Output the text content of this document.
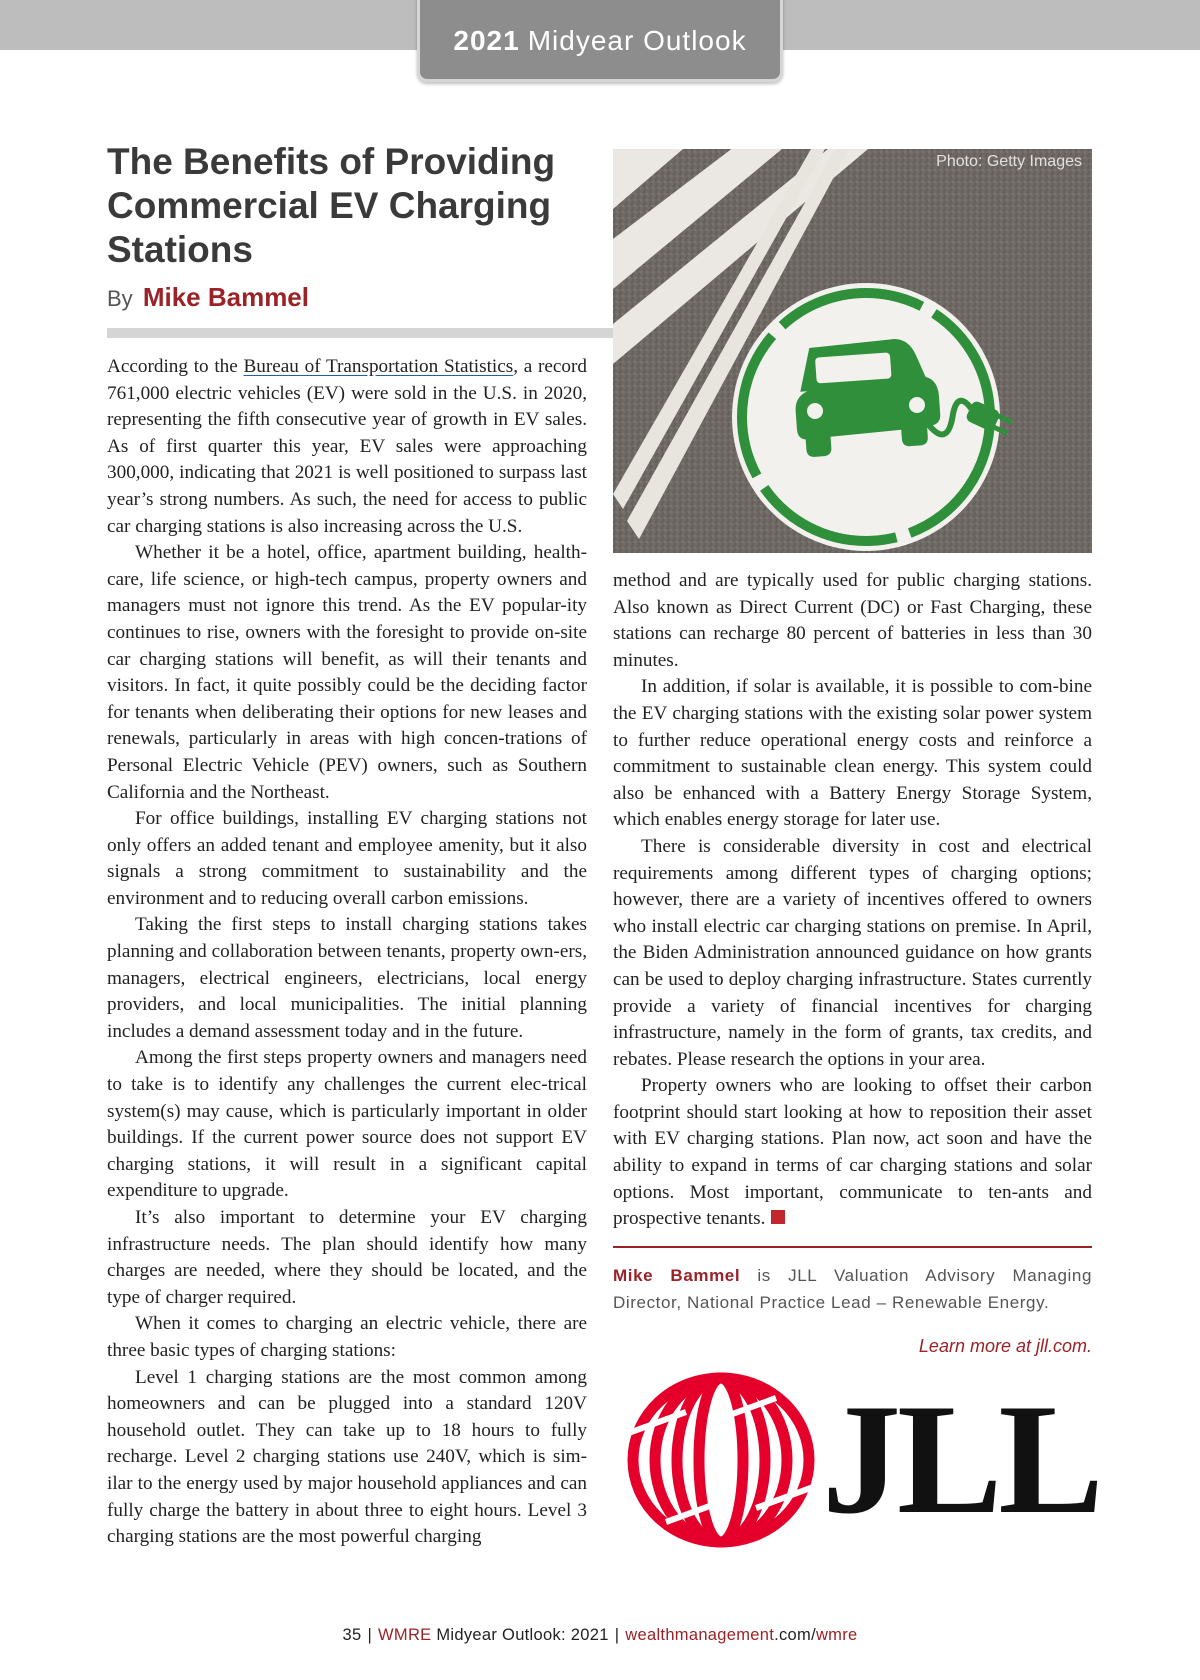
2021 Midyear Outlook
The Benefits of Providing Commercial EV Charging Stations
By Mike Bammel
Photo: Getty Images

According to the Bureau of Transportation Statistics, a record 761,000 electric vehicles (EV) were sold in the U.S. in 2020, representing the fifth consecutive year of growth in EV sales. As of first quarter this year, EV sales were approaching 300,000, indicating that 2021 is well positioned to surpass last year’s strong numbers. As such, the need for access to public car charging stations is also increasing across the U.S.

Whether it be a hotel, office, apartment building, health-care, life science, or high-tech campus, property owners and managers must not ignore this trend. As the EV popular-ity continues to rise, owners with the foresight to provide on-site car charging stations will benefit, as will their tenants and visitors. In fact, it quite possibly could be the deciding factor for tenants when deliberating their options for new leases and renewals, particularly in areas with high concen-trations of Personal Electric Vehicle (PEV) owners, such as Southern California and the Northeast.

For office buildings, installing EV charging stations not only offers an added tenant and employee amenity, but it also signals a strong commitment to sustainability and the environment and to reducing overall carbon emissions.

Taking the first steps to install charging stations takes planning and collaboration between tenants, property own-ers, managers, electrical engineers, electricians, local energy providers, and local municipalities. The initial planning includes a demand assessment today and in the future.

Among the first steps property owners and managers need to take is to identify any challenges the current elec-trical system(s) may cause, which is particularly important in older buildings. If the current power source does not support EV charging stations, it will result in a significant capital expenditure to upgrade.

It’s also important to determine your EV charging infrastructure needs. The plan should identify how many charges are needed, where they should be located, and the type of charger required.

When it comes to charging an electric vehicle, there are three basic types of charging stations:

Level 1 charging stations are the most common among homeowners and can be plugged into a standard 120V household outlet. They can take up to 18 hours to fully recharge. Level 2 charging stations use 240V, which is sim-ilar to the energy used by major household appliances and can fully charge the battery in about three to eight hours. Level 3 charging stations are the most powerful charging

method and are typically used for public charging stations. Also known as Direct Current (DC) or Fast Charging, these stations can recharge 80 percent of batteries in less than 30 minutes.

In addition, if solar is available, it is possible to com-bine the EV charging stations with the existing solar power system to further reduce operational energy costs and reinforce a commitment to sustainable clean energy. This system could also be enhanced with a Battery Energy Storage System, which enables energy storage for later use.

There is considerable diversity in cost and electrical requirements among different types of charging options; however, there are a variety of incentives offered to owners who install electric car charging stations on premise. In April, the Biden Administration announced guidance on how grants can be used to deploy charging infrastructure. States currently provide a variety of financial incentives for charging infrastructure, namely in the form of grants, tax credits, and rebates. Please research the options in your area.

Property owners who are looking to offset their carbon footprint should start looking at how to reposition their asset with EV charging stations. Plan now, act soon and have the ability to expand in terms of car charging stations and solar options. Most important, communicate to ten-ants and prospective tenants.

Mike Bammel is JLL Valuation Advisory Managing Director, National Practice Lead – Renewable Energy.
Learn more at jll.com.
JLL
35 | WMRE Midyear Outlook: 2021 | wealthmanagement.com/wmre
